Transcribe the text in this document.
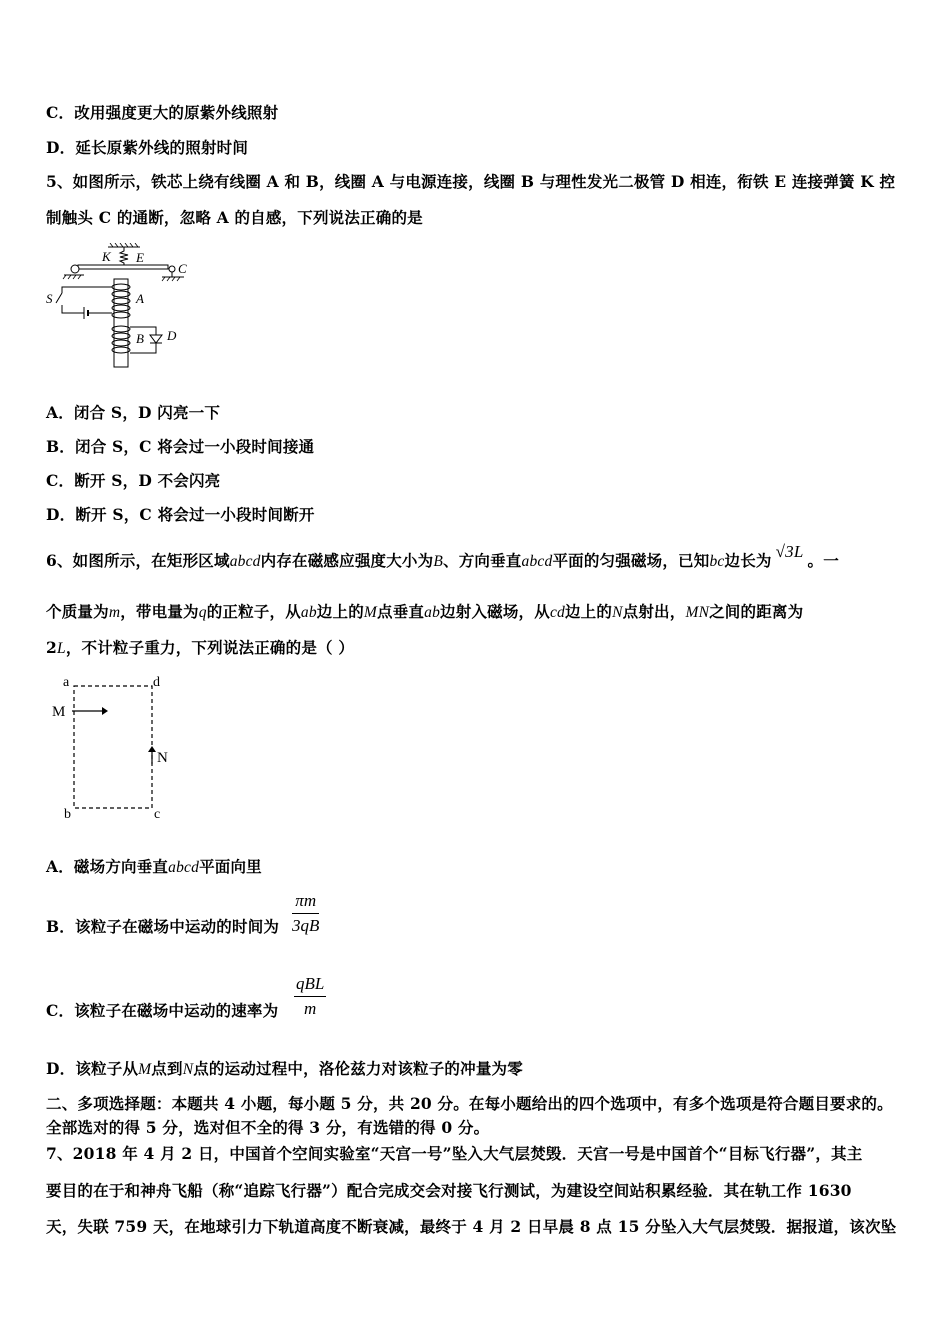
C．改用强度更大的原紫外线照射
D．延长原紫外线的照射时间
5、如图所示，铁芯上绕有线圈 A 和 B，线圈 A 与电源连接，线圈 B 与理性发光二极管 D 相连，衔铁 E 连接弹簧 K 控
制触头 C 的通断，忽略 A 的自感，下列说法正确的是
K E
C
A
S
B D
A．闭合 S，D 闪亮一下
B．闭合 S，C 将会过一小段时间接通
C．断开 S，D 不会闪亮
D．断开 S，C 将会过一小段时间断开
6、如图所示，在矩形区域abcd内存在磁感应强度大小为B、方向垂直abcd平面的匀强磁场，已知bc边长为 √3L 。一
个质量为m，带电量为q的正粒子，从ab边上的M点垂直ab边射入磁场，从cd边上的N点射出，MN之间的距离为
2L，不计粒子重力，下列说法正确的是（ ）
a	d
b	c
M
N
A．磁场方向垂直abcd平面向里
B．该粒子在磁场中运动的时间为
πm
3qB
C．该粒子在磁场中运动的速率为
qBL
m
D．该粒子从M点到N点的运动过程中，洛伦兹力对该粒子的冲量为零
二、多项选择题：本题共 4 小题，每小题 5 分，共 20 分。在每小题给出的四个选项中，有多个选项是符合题目要求的。
全部选对的得 5 分，选对但不全的得 3 分，有选错的得 0 分。
7、2018 年 4 月 2 日，中国首个空间实验室“天宫一号”坠入大气层焚毁．天宫一号是中国首个“目标飞行器”，其主
要目的在于和神舟飞船（称“追踪飞行器”）配合完成交会对接飞行测试，为建设空间站积累经验．其在轨工作 1630
天，失联 759 天，在地球引力下轨道高度不断衰减，最终于 4 月 2 日早晨 8 点 15 分坠入大气层焚毁．据报道，该次坠
